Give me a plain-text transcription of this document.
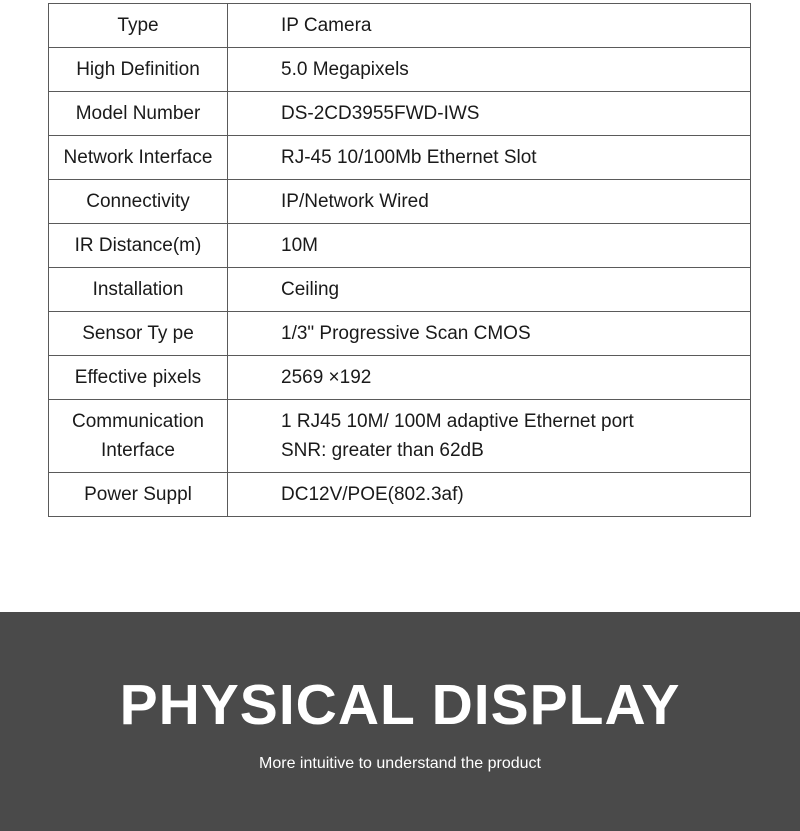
Type	IP Camera

High Definition	5.0 Megapixels

Model Number	DS-2CD3955FWD-IWS

Network Interface	RJ-45 10/100Mb Ethernet Slot

Connectivity	IP/Network Wired

IR Distance(m)	10M

Installation	Ceiling

Sensor Ty pe	1/3" Progressive Scan CMOS

Effective pixels	2569 ×192

Communication
Interface	1 RJ45 10M/ 100M adaptive Ethernet port
SNR: greater than 62dB

Power Suppl	DC12V/POE(802.3af)
PHYSICAL DISPLAY
More intuitive to understand the product
